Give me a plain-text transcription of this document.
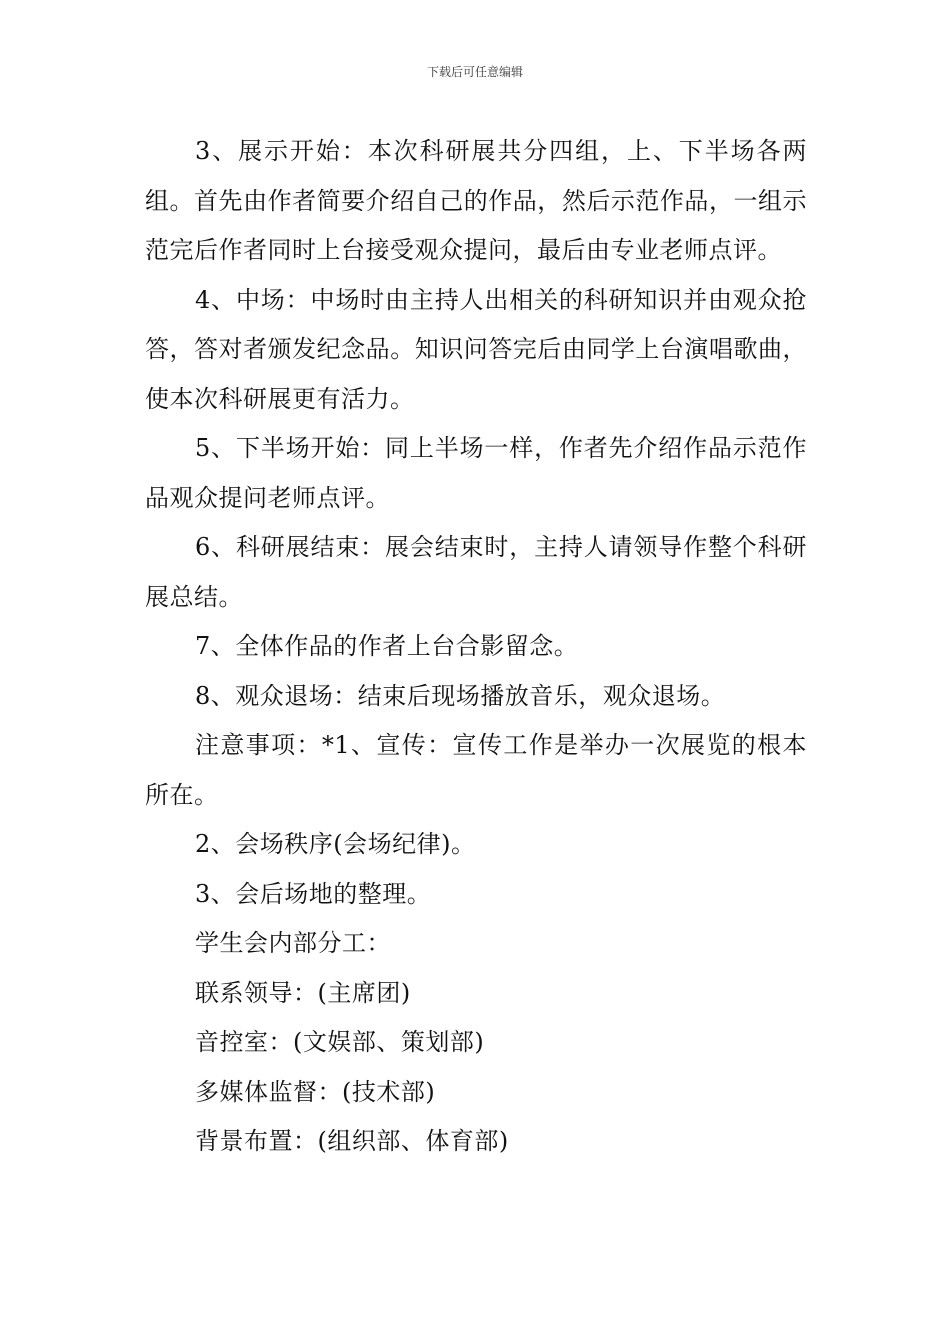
下载后可任意编辑

3、展示开始：本次科研展共分四组，上、下半场各两组。首先由作者简要介绍自己的作品，然后示范作品，一组示范完后作者同时上台接受观众提问，最后由专业老师点评。

4、中场：中场时由主持人出相关的科研知识并由观众抢答，答对者颁发纪念品。知识问答完后由同学上台演唱歌曲，使本次科研展更有活力。

5、下半场开始：同上半场一样，作者先介绍作品示范作品观众提问老师点评。

6、科研展结束：展会结束时，主持人请领导作整个科研展总结。

7、全体作品的作者上台合影留念。

8、观众退场：结束后现场播放音乐，观众退场。

注意事项：*1、宣传：宣传工作是举办一次展览的根本所在。

2、会场秩序(会场纪律)。

3、会后场地的整理。

学生会内部分工：

联系领导：(主席团)

音控室：(文娱部、策划部)

多媒体监督：(技术部)

背景布置：(组织部、体育部)
